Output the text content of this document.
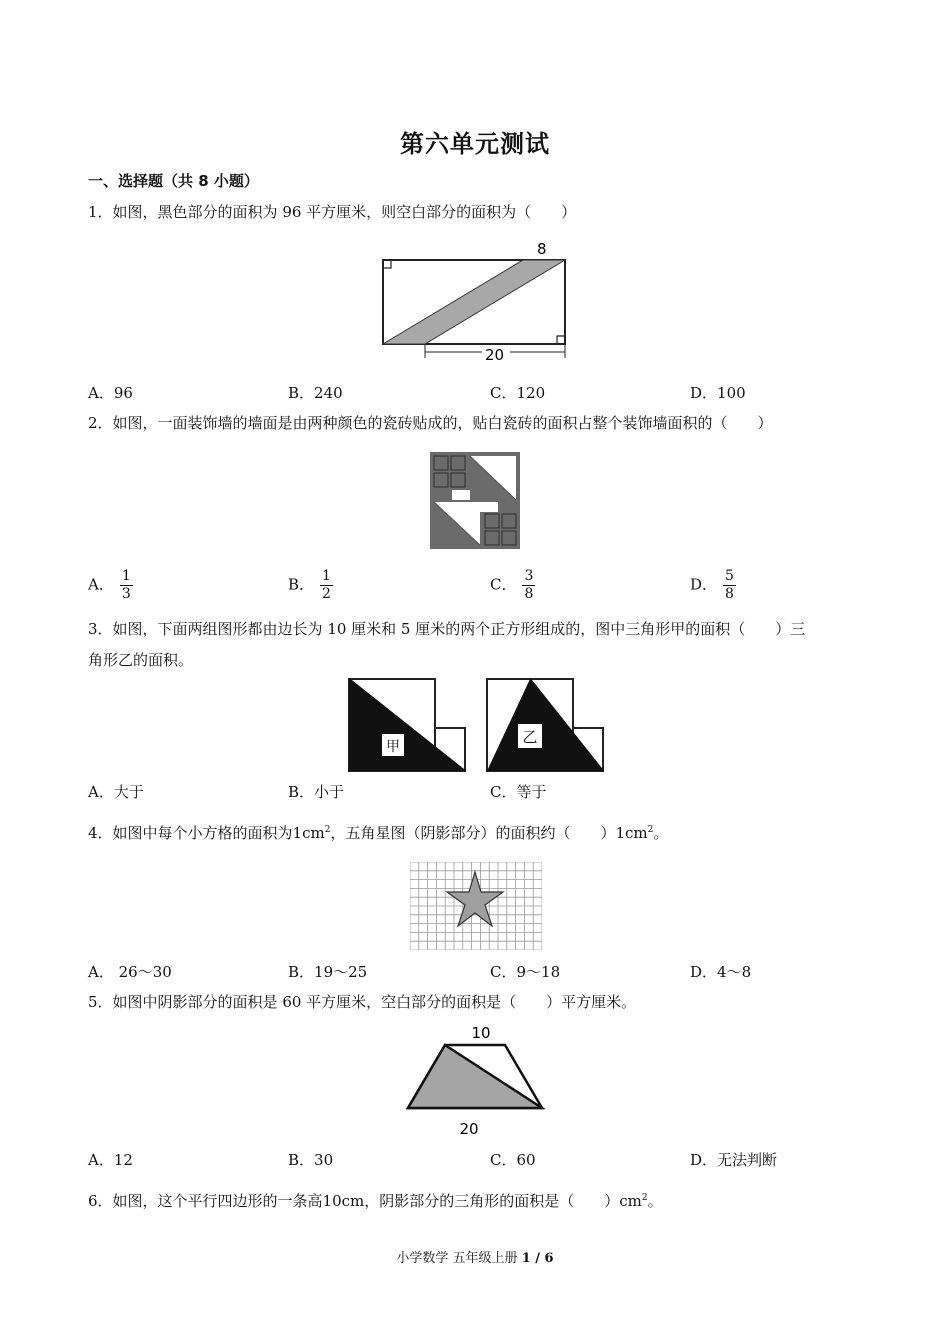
第六单元测试
一、选择题（共 8 小题）
1．如图，黑色部分的面积为 96 平方厘米，则空白部分的面积为（　　）
8
20
A．96	B．240	C．120	D．100
2．如图，一面装饰墙的墙面是由两种颜色的瓷砖贴成的，贴白瓷砖的面积占整个装饰墙面积的（　　）
A． $\frac{1}{3}$	B． $\frac{1}{2}$	C． $\frac{3}{8}$	D． $\frac{5}{8}$
3．如图，下面两组图形都由边长为 10 厘米和 5 厘米的两个正方形组成的，图中三角形甲的面积（　　）三
角形乙的面积。
甲
乙
A．大于	B．小于	C．等于
4．如图中每个小方格的面积为$1cm^2$，五角星图（阴影部分）的面积约（　　）$1cm^2$。
A． 26～30	B．19～25	C．9～18	D．4～8
5．如图中阴影部分的面积是 60 平方厘米，空白部分的面积是（　　）平方厘米。
10
20
A．12	B．30	C．60	D．无法判断
6．如图，这个平行四边形的一条高10cm，阴影部分的三角形的面积是（　　）$cm^2$。
小学数学 五年级上册 1 / 6
